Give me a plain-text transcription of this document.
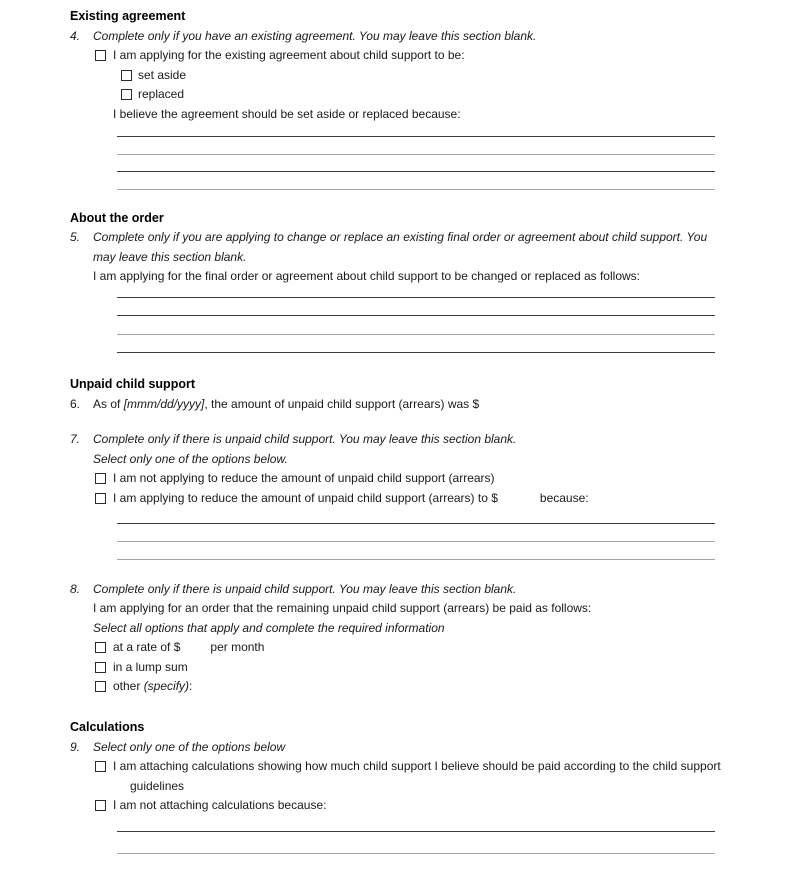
Existing agreement
4.	Complete only if you have an existing agreement. You may leave this section blank.
I am applying for the existing agreement about child support to be:
set aside
replaced
I believe the agreement should be set aside or replaced because:
About the order
5.	Complete only if you are applying to change or replace an existing final order or agreement about child support. You may leave this section blank.
I am applying for the final order or agreement about child support to be changed or replaced as follows:
Unpaid child support
6.	As of [mmm/dd/yyyy], the amount of unpaid child support (arrears) was $
7.	Complete only if there is unpaid child support. You may leave this section blank.
Select only one of the options below.
I am not applying to reduce the amount of unpaid child support (arrears)
I am applying to reduce the amount of unpaid child support (arrears) to $	because:
8.	Complete only if there is unpaid child support. You may leave this section blank.
I am applying for an order that the remaining unpaid child support (arrears) be paid as follows:
Select all options that apply and complete the required information
at a rate of $	per month
in a lump sum
other (specify):
Calculations
9.	Select only one of the options below
I am attaching calculations showing how much child support I believe should be paid according to the child support guidelines
I am not attaching calculations because:
